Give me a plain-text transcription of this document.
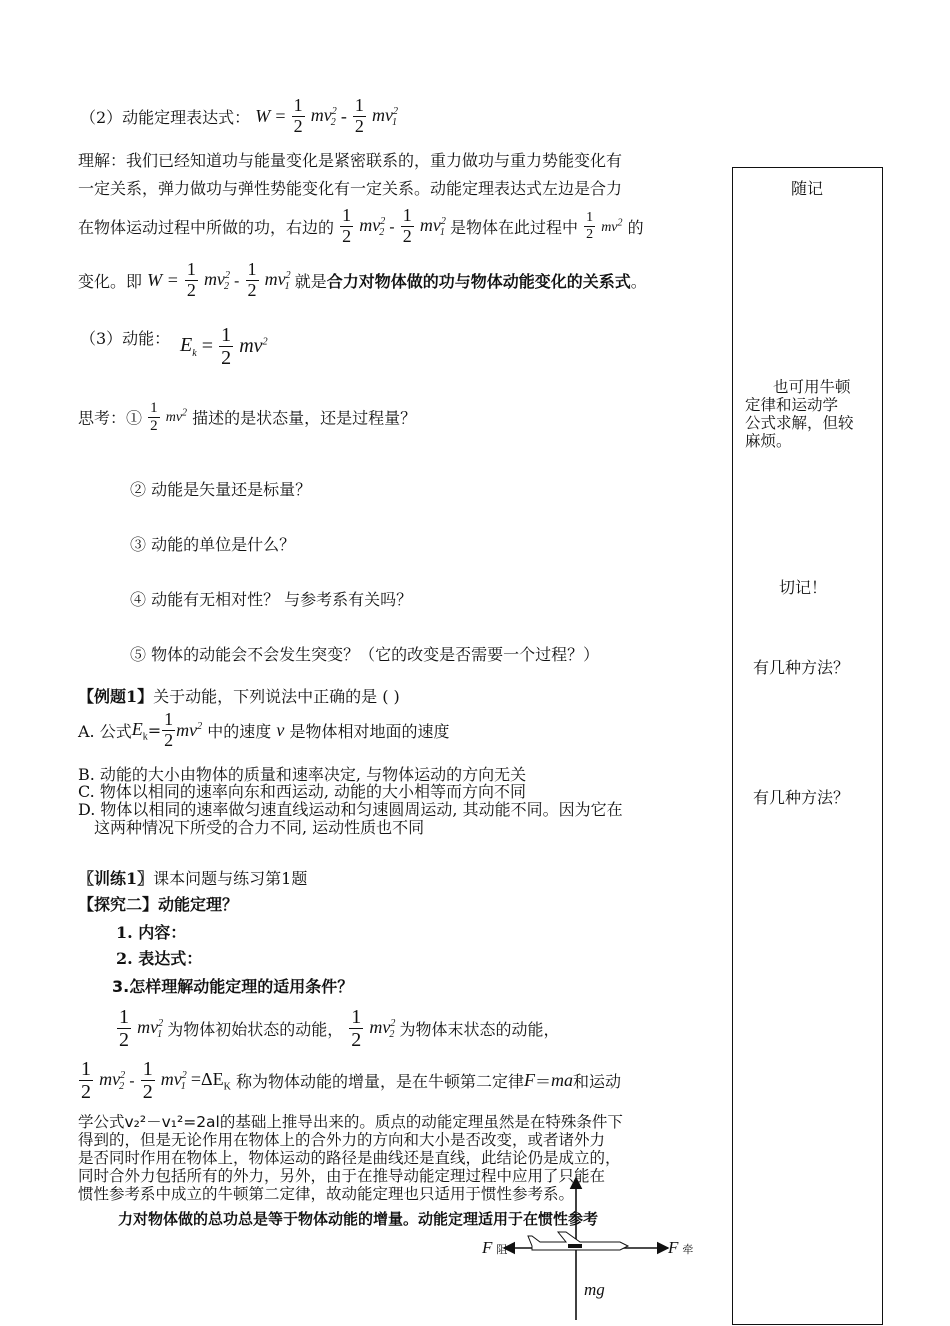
（2）动能定理表达式： $W = \frac{1}{2} mv^2_2 - \frac{1}{2} mv^2_1$
理解：我们已经知道功与能量变化是紧密联系的，重力做功与重力势能变化有
一定关系，弹力做功与弹性势能变化有一定关系。动能定理表达式左边是合力
在物体运动过程中所做的功，右边的 $\frac{1}{2} mv^2_2 - \frac{1}{2} mv^2_1$ 是物体在此过程中 $\frac{1}{2} mv^2$ 的
变化。即 $W = \frac{1}{2} mv^2_2 - \frac{1}{2} mv^2_1$ 就是合力对物体做的功与物体动能变化的关系式。
（3）动能： $E_k = \frac{1}{2} mv^2$
思考：① $\frac{1}{2} mv^2$ 描述的是状态量，还是过程量？
② 动能是矢量还是标量？
③ 动能的单位是什么？
④ 动能有无相对性？ 与参考系有关吗？
⑤ 物体的动能会不会发生突变？（它的改变是否需要一个过程？）
【例题1】关于动能，下列说法中正确的是 ( )
A. 公式$E_k= \frac{1}{2} mv^2$ 中的速度 v 是物体相对地面的速度
B. 动能的大小由物体的质量和速率决定, 与物体运动的方向无关
C. 物体以相同的速率向东和西运动, 动能的大小相等而方向不同
D. 物体以相同的速率做匀速直线运动和匀速圆周运动, 其动能不同。因为它在
这两种情况下所受的合力不同, 运动性质也不同
〖训练1〗课本问题与练习第1题
【探究二】动能定理？
1. 内容：
2. 表达式：
3.怎样理解动能定理的适用条件？
$\frac{1}{2} mv^2_1$ 为物体初始状态的动能， $\frac{1}{2} mv^2_2$ 为物体末状态的动能，
$\frac{1}{2} mv^2_2 - \frac{1}{2} mv^2_1 =\Delta E_K$ 称为物体动能的增量，是在牛顿第二定律F＝ma和运动
学公式v₂²－v₁²=2al的基础上推导出来的。质点的动能定理虽然是在特殊条件下
得到的，但是无论作用在物体上的合外力的方向和大小是否改变，或者诸外力
是否同时作用在物体上，物体运动的路径是曲线还是直线，此结论仍是成立的，
同时合外力包括所有的外力，另外，由于在推导动能定理过程中应用了只能在
惯性参考系中成立的牛顿第二定律，故动能定理也只适用于惯性参考系。
力对物体做的总功总是等于物体动能的增量。动能定理适用于在惯性参考
F阻	F牵
mg
随记
也可用牛顿
定律和运动学
公式求解，但较
麻烦。
切记！
有几种方法？
有几种方法？
